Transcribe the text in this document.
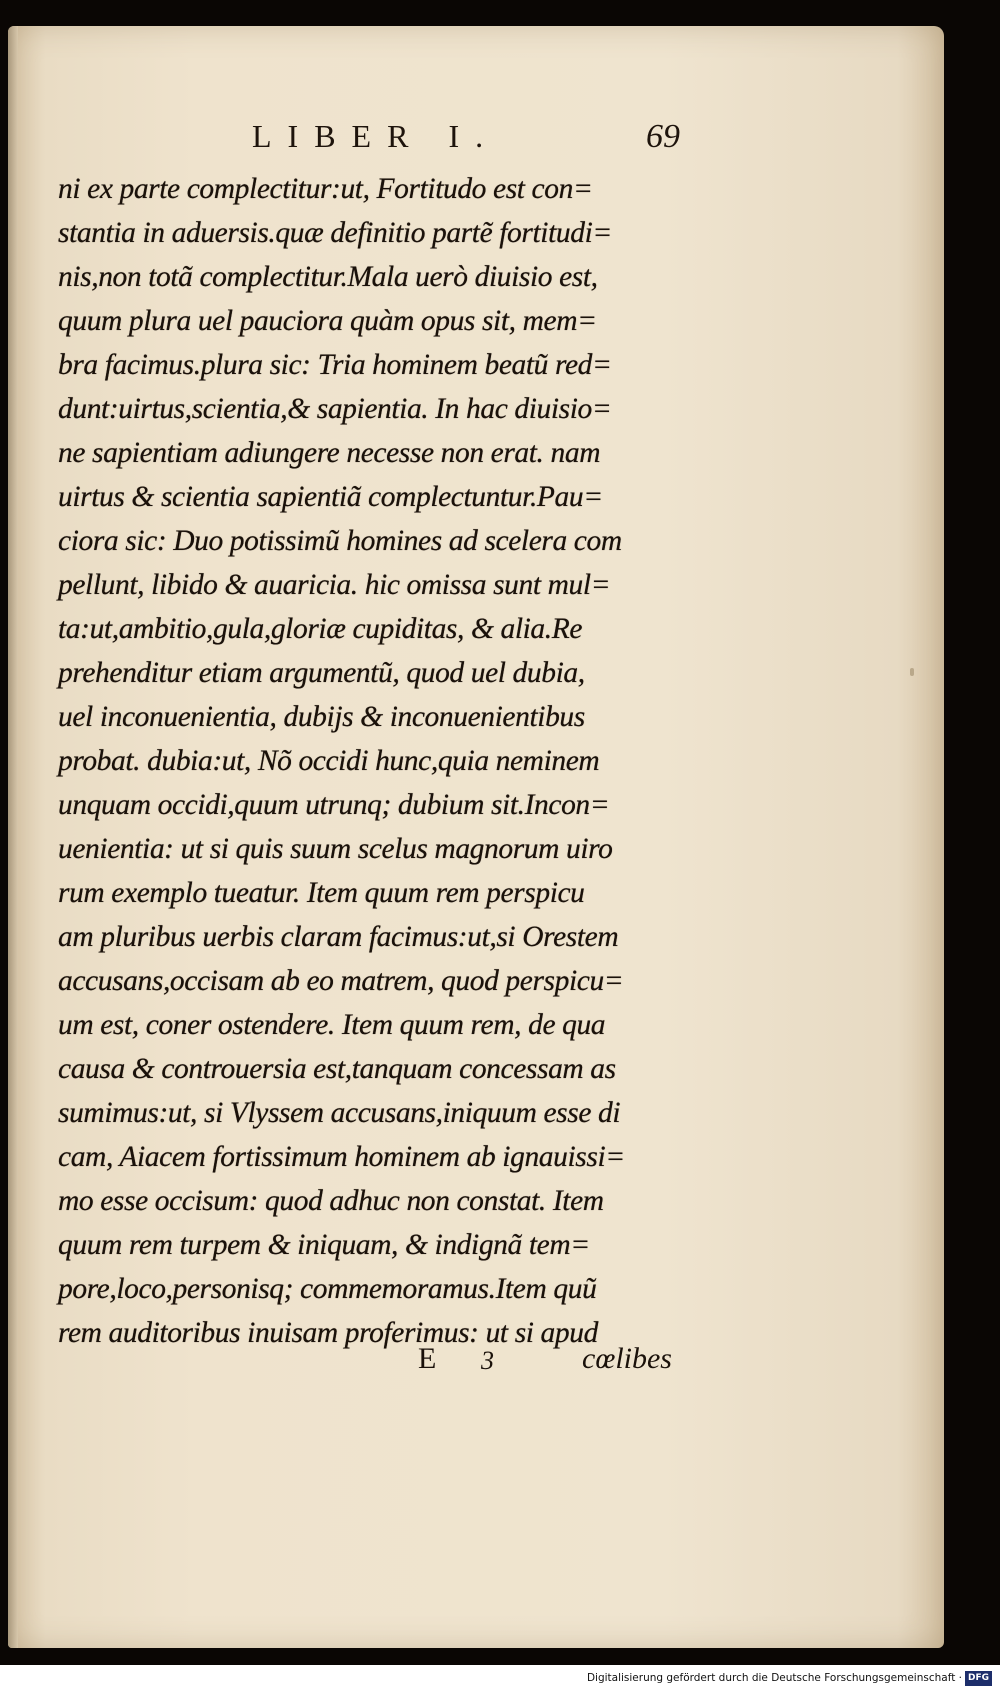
LIBER I.	69
ni ex parte complectitur:ut, Fortitudo est con=
stantia in aduersis.quæ definitio partẽ fortitudi=
nis,non totã complectitur.Mala uerò diuisio est,
quum plura uel pauciora quàm opus sit, mem=
bra facimus.plura sic: Tria hominem beatũ red=
dunt:uirtus,scientia,& sapientia. In hac diuisio=
ne sapientiam adiungere necesse non erat. nam
uirtus & scientia sapientiã complectuntur.Pau=
ciora sic: Duo potissimũ homines ad scelera com
pellunt, libido & auaricia. hic omissa sunt mul=
ta:ut,ambitio,gula,gloriæ cupiditas, & alia.Re
prehenditur etiam argumentũ, quod uel dubia,
uel inconuenientia, dubijs & inconuenientibus
probat. dubia:ut, Nõ occidi hunc,quia neminem
unquam occidi,quum utrunq; dubium sit.Incon=
uenientia: ut si quis suum scelus magnorum uiro
rum exemplo tueatur. Item quum rem perspicu
am pluribus uerbis claram facimus:ut,si Orestem
accusans,occisam ab eo matrem, quod perspicu=
um est, coner ostendere. Item quum rem, de qua
causa & controuersia est,tanquam concessam as
sumimus:ut, si Vlyssem accusans,iniquum esse di
cam, Aiacem fortissimum hominem ab ignauissi=
mo esse occisum: quod adhuc non constat. Item
quum rem turpem & iniquam, & indignã tem=
pore,loco,personisq; commemoramus.Item quũ
rem auditoribus inuisam proferimus: ut si apud
E 3	cœlibes
Digitalisierung gefördert durch die Deutsche Forschungsgemeinschaft · DFG
